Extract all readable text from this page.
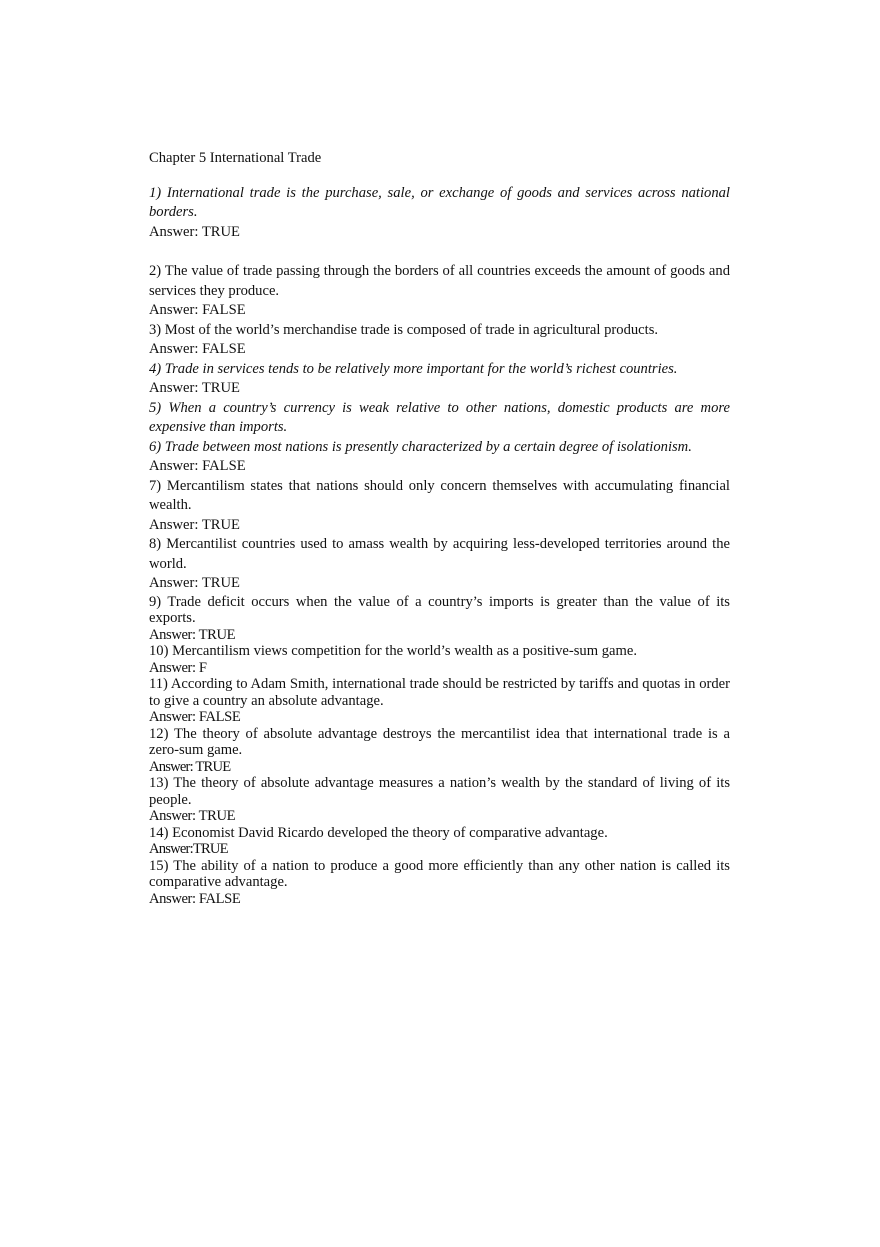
Chapter 5 International Trade

1) International trade is the purchase, sale, or exchange of goods and services across national borders.

Answer: TRUE

2) The value of trade passing through the borders of all countries exceeds the amount of goods and services they produce.

Answer: FALSE

3) Most of the world’s merchandise trade is composed of trade in agricultural products.

Answer: FALSE

4) Trade in services tends to be relatively more important for the world’s richest countries.

Answer: TRUE

5) When a country’s currency is weak relative to other nations, domestic products are more expensive than imports.

6) Trade between most nations is presently characterized by a certain degree of isolationism.

Answer: FALSE

7) Mercantilism states that nations should only concern themselves with accumulating financial wealth.

Answer: TRUE

8) Mercantilist countries used to amass wealth by acquiring less-developed territories around the world.

Answer: TRUE

9) Trade deficit occurs when the value of a country’s imports is greater than the value of its exports.

Answer: TRUE

10) Mercantilism views competition for the world’s wealth as a positive-sum game.

Answer: F

11) According to Adam Smith, international trade should be restricted by tariffs and quotas in order to give a country an absolute advantage.

Answer: FALSE

12) The theory of absolute advantage destroys the mercantilist idea that international trade is a zero-sum game.

Answer: TRUE

13) The theory of absolute advantage measures a nation’s wealth by the standard of living of its people.

Answer: TRUE

14) Economist David Ricardo developed the theory of comparative advantage.

Answer:TRUE

15) The ability of a nation to produce a good more efficiently than any other nation is called its comparative advantage.

Answer: FALSE
